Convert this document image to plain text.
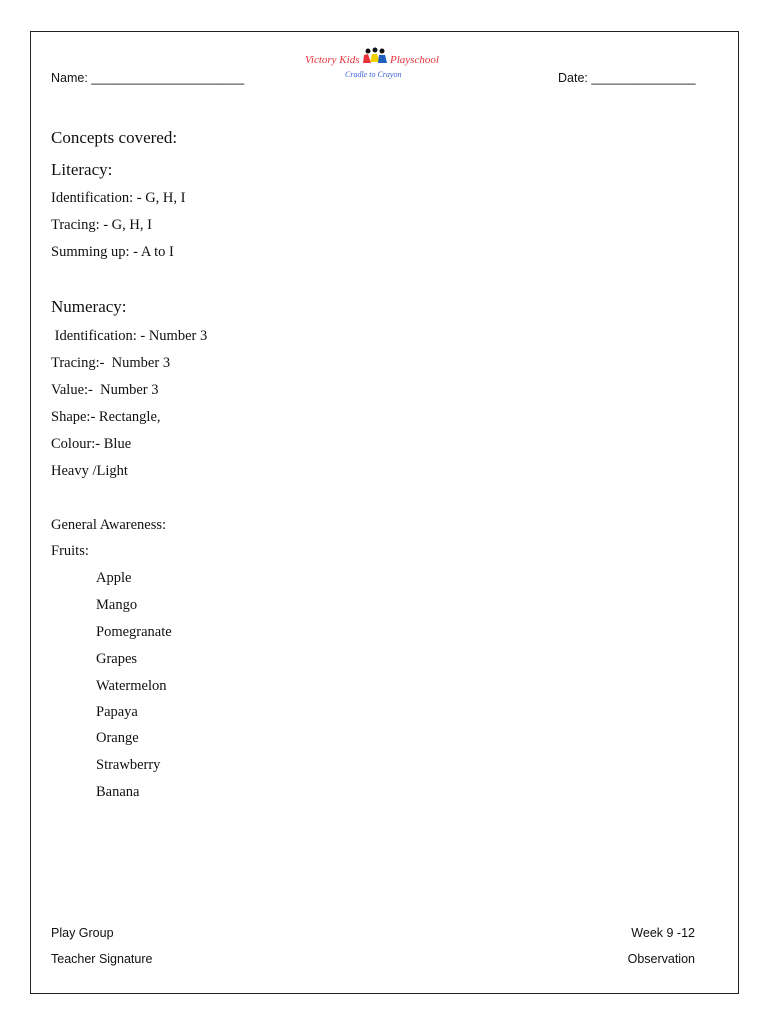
Name: ______________________	Date: _______________
Victory Kids	Playschool
Cradle to Crayon
Concepts covered:
Literacy:
Identification: - G, H, I
Tracing: - G, H, I
Summing up: - A to I
Numeracy:
Identification: - Number 3
Tracing:-  Number 3
Value:-  Number 3
Shape:- Rectangle,
Colour:- Blue
Heavy /Light
General Awareness:
Fruits:
Apple
Mango
Pomegranate
Grapes
Watermelon
Papaya
Orange
Strawberry
Banana
Play Group	Week 9 -12
Teacher Signature	Observation
